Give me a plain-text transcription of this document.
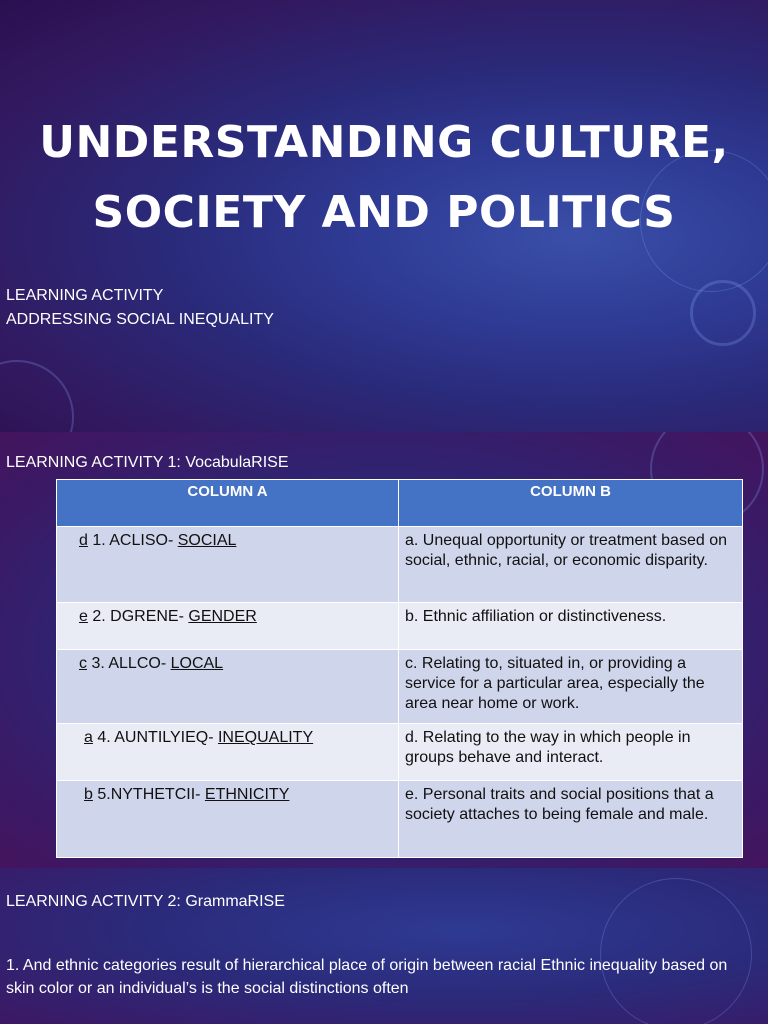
UNDERSTANDING CULTURE,
SOCIETY AND POLITICS
LEARNING ACTIVITY
ADDRESSING SOCIAL INEQUALITY
LEARNING ACTIVITY 1: VocabulaRISE
COLUMN A	COLUMN B
d 1. ACLISO- SOCIAL	a. Unequal opportunity or treatment based on social, ethnic, racial, or economic disparity.
e 2. DGRENE- GENDER	b. Ethnic affiliation or distinctiveness.
c 3. ALLCO- LOCAL	c. Relating to, situated in, or providing a service for a particular area, especially the area near home or work.
a 4. AUNTILYIEQ- INEQUALITY	d. Relating to the way in which people in groups behave and interact.
b 5.NYTHETCII- ETHNICITY	e. Personal traits and social positions that a society attaches to being female and male.
LEARNING ACTIVITY 2: GrammaRISE
1. And ethnic categories result of hierarchical place of origin between racial Ethnic inequality based on skin color or an individual’s is the social distinctions often
